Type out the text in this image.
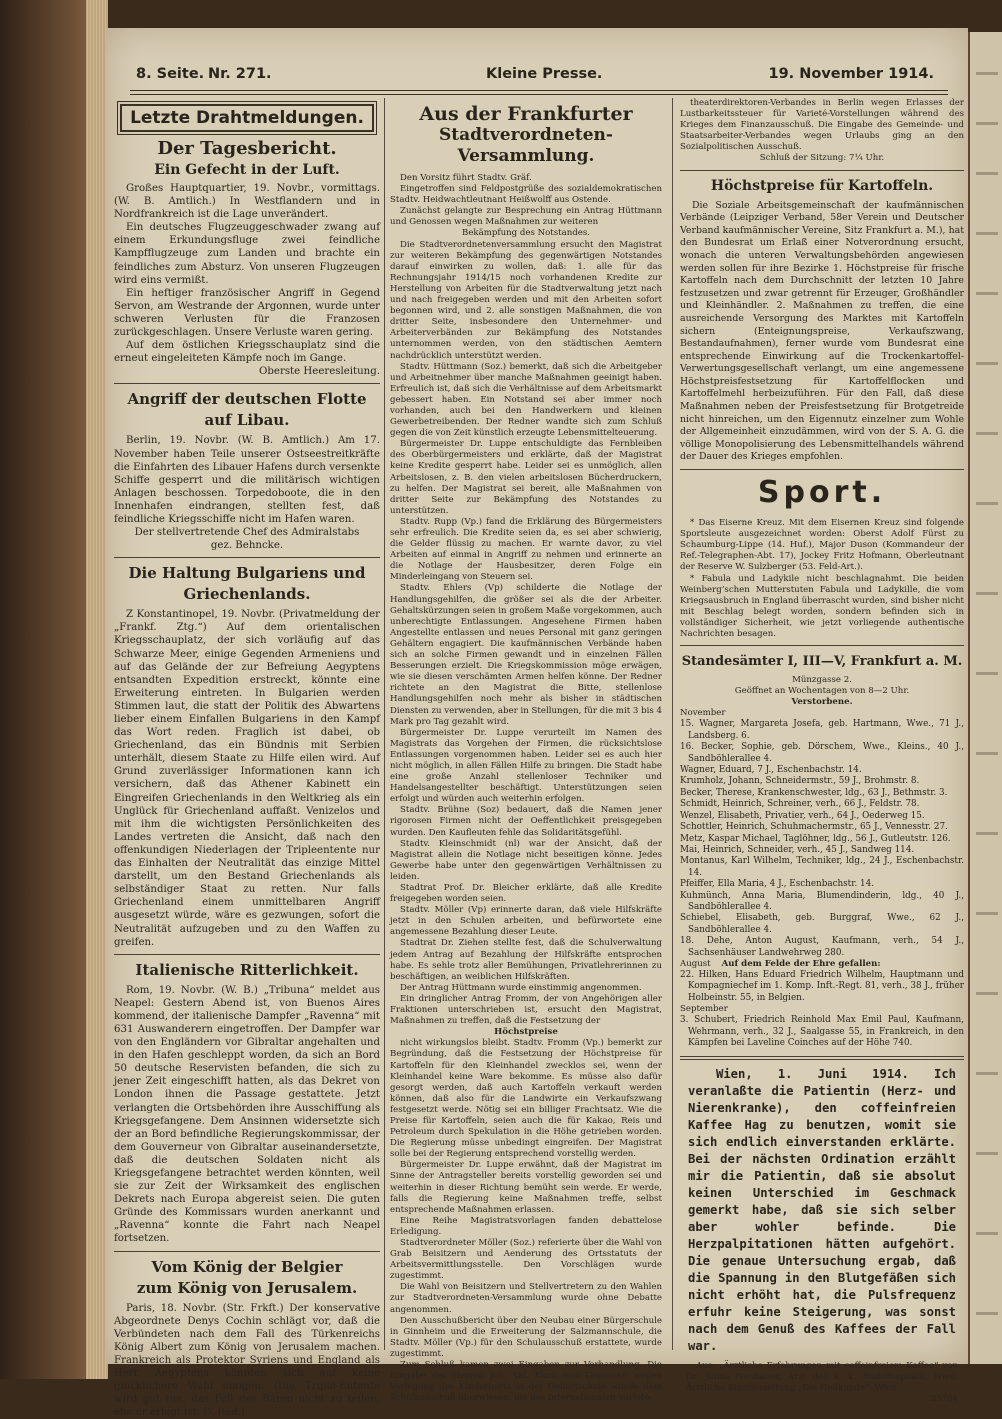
8. Seite. Nr. 271.	Kleine Presse.	19. November 1914.
Letzte Drahtmeldungen.
Der Tagesbericht.
Ein Gefecht in der Luft.

Großes Hauptquartier, 19. Novbr., vormittags. (W. B. Amtlich.) In Westflandern und in Nordfrankreich ist die Lage unverändert.

Ein deutsches Flugzeuggeschwader zwang auf einem Erkundungsfluge zwei feindliche Kampfflugzeuge zum Landen und brachte ein feindliches zum Absturz. Von unseren Flugzeugen wird eins vermißt.

Ein heftiger französischer Angriff in Gegend Servon, am Westrande der Argonnen, wurde unter schweren Verlusten für die Franzosen zurückgeschlagen. Unsere Verluste waren gering.

Auf dem östlichen Kriegsschauplatz sind die erneut eingeleiteten Kämpfe noch im Gange.

Oberste Heeresleitung.

Angriff der deutschen Flotte auf Libau.

Berlin, 19. Novbr. (W. B. Amtlich.) Am 17. November haben Teile unserer Ostseestreitkräfte die Einfahrten des Libauer Hafens durch versenkte Schiffe gesperrt und die militärisch wichtigen Anlagen beschossen. Torpedoboote, die in den Innenhafen eindrangen, stellten fest, daß feindliche Kriegsschiffe nicht im Hafen waren.

Der stellvertretende Chef des Admiralstabs

gez. Behncke.

Die Haltung Bulgariens und Griechenlands.

Z Konstantinopel, 19. Novbr. (Privatmeldung der „Frankf. Ztg.“) Auf dem orientalischen Kriegsschauplatz, der sich vorläufig auf das Schwarze Meer, einige Gegenden Armeniens und auf das Gelände der zur Befreiung Aegyptens entsandten Expedition erstreckt, könnte eine Erweiterung eintreten. In Bulgarien werden Stimmen laut, die statt der Politik des Abwartens lieber einem Einfallen Bulgariens in den Kampf das Wort reden. Fraglich ist dabei, ob Griechenland, das ein Bündnis mit Serbien unterhält, diesem Staate zu Hilfe eilen wird. Auf Grund zuverlässiger Informationen kann ich versichern, daß das Athener Kabinett ein Eingreifen Griechenlands in den Weltkrieg als ein Unglück für Griechenland auffaßt. Venizelos und mit ihm die wichtigsten Persönlichkeiten des Landes vertreten die Ansicht, daß nach den offenkundigen Niederlagen der Tripleentente nur das Einhalten der Neutralität das einzige Mittel darstellt, um den Bestand Griechenlands als selbständiger Staat zu retten. Nur falls Griechenland einem unmittelbaren Angriff ausgesetzt würde, wäre es gezwungen, sofort die Neutralität aufzugeben und zu den Waffen zu greifen.

Italienische Ritterlichkeit.

Rom, 19. Novbr. (W. B.) „Tribuna“ meldet aus Neapel: Gestern Abend ist, von Buenos Aires kommend, der italienische Dampfer „Ravenna“ mit 631 Auswanderern eingetroffen. Der Dampfer war von den Engländern vor Gibraltar angehalten und in den Hafen geschleppt worden, da sich an Bord 50 deutsche Reservisten befanden, die sich zu jener Zeit eingeschifft hatten, als das Dekret von London ihnen die Passage gestattete. Jetzt verlangten die Ortsbehörden ihre Ausschiffung als Kriegsgefangene. Dem Ansinnen widersetzte sich der an Bord befindliche Regierungskommissar, der dem Gouverneur von Gibraltar auseinandersetzte, daß die deutschen Soldaten nicht als Kriegsgefangene betrachtet werden könnten, weil sie zur Zeit der Wirksamkeit des englischen Dekrets nach Europa abgereist seien. Die guten Gründe des Kommissars wurden anerkannt und „Ravenna“ konnte die Fahrt nach Neapel fortsetzen.

Vom König der Belgier
zum König von Jerusalem.

Paris, 18. Novbr. (Str. Frkft.) Der konservative Abgeordnete Denys Cochin schlägt vor, daß die Verbündeten nach dem Fall des Türkenreichs König Albert zum König von Jerusalem machen. Frankreich als Protektor Syriens und England als Herr Aegyptens könnten sich auf keine glücklichere Wahl einigen. (Die Triple-Entente wird gut tun, das Fell des Bären nicht zu teilen, ehe er erlegt ist. D. Red.)

Aus der Frankfurter
Stadtverordneten-Versammlung.

Den Vorsitz führt Stadtv. Gräf.

Eingetroffen sind Feldpostgrüße des sozialdemokratischen Stadtv. Heidwachtleutnant Heißwolff aus Ostende.

Zunächst gelangte zur Besprechung ein Antrag Hüttmann und Genossen wegen Maßnahmen zur weiteren

Bekämpfung des Notstandes.

Die Stadtverordnetenversammlung ersucht den Magistrat zur weiteren Bekämpfung des gegenwärtigen Notstandes darauf einwirken zu wollen, daß: 1. alle für das Rechnungsjahr 1914/15 noch vorhandenen Kredite zur Herstellung von Arbeiten für die Stadtverwaltung jetzt nach und nach freigegeben werden und mit den Arbeiten sofort begonnen wird, und 2. alle sonstigen Maßnahmen, die von dritter Seite, insbesondere den Unternehmer- und Arbeiterverbänden zur Bekämpfung des Notstandes unternommen werden, von den städtischen Aemtern nachdrücklich unterstützt werden.

Stadtv. Hüttmann (Soz.) bemerkt, daß sich die Arbeitgeber und Arbeitnehmer über manche Maßnahmen geeinigt haben. Erfreulich ist, daß sich die Verhältnisse auf dem Arbeitsmarkt gebessert haben. Ein Notstand sei aber immer noch vorhanden, auch bei den Handwerkern und kleinen Gewerbetreibenden. Der Redner wandte sich zum Schluß gegen die von Zeit künstlich erzeugte Lebensmittelteuerung.

Bürgermeister Dr. Luppe entschuldigte das Fernbleiben des Oberbürgermeisters und erklärte, daß der Magistrat keine Kredite gesperrt habe. Leider sei es unmöglich, allen Arbeitslosen, z. B. den vielen arbeitslosen Bücherdruckern, zu helfen. Der Magistrat sei bereit, alle Maßnahmen von dritter Seite zur Bekämpfung des Notstandes zu unterstützen.

Stadtv. Rupp (Vp.) fand die Erklärung des Bürgermeisters sehr erfreulich. Die Kredite seien da, es sei aber schwierig, die Gelder flüssig zu machen. Er warnte davor, zu viel Arbeiten auf einmal in Angriff zu nehmen und erinnerte an die Notlage der Hausbesitzer, deren Folge ein Minderleingang von Steuern sei.

Stadtv. Ehlers (Vp) schilderte die Notlage der Handlungsgehilfen, die größer sei als die der Arbeiter. Gehaltskürzungen seien in großem Maße vorgekommen, auch unberechtigte Entlassungen. Angesehene Firmen haben Angestellte entlassen und neues Personal mit ganz geringen Gehältern engagiert. Die kaufmännischen Verbände haben sich an solche Firmen gewandt und in einzelnen Fällen Besserungen erzielt. Die Kriegskommission möge erwägen, wie sie diesen verschämten Armen helfen könne. Der Redner richtete an den Magistrat die Bitte, stellenlose Handlungsgehilfen noch mehr als bisher in städtischen Diensten zu verwenden, aber in Stellungen, für die mit 3 bis 4 Mark pro Tag gezahlt wird.

Bürgermeister Dr. Luppe verurteilt im Namen des Magistrats das Vorgehen der Firmen, die rücksichtslose Entlassungen vorgenommen haben. Leider sei es auch hier nicht möglich, in allen Fällen Hilfe zu bringen. Die Stadt habe eine große Anzahl stellenloser Techniker und Handelsangestellter beschäftigt. Unterstützungen seien erfolgt und würden auch weiterhin erfolgen.

Stadtv. Brühne (Soz) bedauert, daß die Namen jener rigorosen Firmen nicht der Oeffentlichkeit preisgegeben wurden. Den Kaufleuten fehle das Solidaritätsgefühl.

Stadtv. Kleinschmidt (nl) war der Ansicht, daß der Magistrat allein die Notlage nicht beseitigen könne. Jedes Gewerbe habe unter den gegenwärtigen Verhältnissen zu leiden.

Stadtrat Prof. Dr. Bleicher erklärte, daß alle Kredite freigegeben worden seien.

Stadtv. Möller (Vp) erinnerte daran, daß viele Hilfskräfte jetzt in den Schulen arbeiten, und befürwortete eine angemessene Bezahlung dieser Leute.

Stadtrat Dr. Ziehen stellte fest, daß die Schulverwaltung jedem Antrag auf Bezahlung der Hilfskräfte entsprochen habe. Es sehle trotz aller Bemühungen, Privatlehrerinnen zu beschäftigen, an weiblichen Hilfskräften.

Der Antrag Hüttmann wurde einstimmig angenommen.

Ein dringlicher Antrag Fromm, der von Angehörigen aller Fraktionen unterschrieben ist, ersucht den Magistrat, Maßnahmen zu treffen, daß die Festsetzung der

Höchstpreise

nicht wirkungslos bleibt. Stadtv. Fromm (Vp.) bemerkt zur Begründung, daß die Festsetzung der Höchstpreise für Kartoffeln für den Kleinhandel zwecklos sei, wenn der Kleinhandel keine Ware bekomme. Es müsse also dafür gesorgt werden, daß auch Kartoffeln verkauft werden können, daß also für die Landwirte ein Verkaufszwang festgesetzt werde. Nötig sei ein billiger Frachtsatz. Wie die Preise für Kartoffeln, seien auch die für Kakao, Reis und Petroleum durch Spekulation in die Höhe getrieben worden. Die Regierung müsse unbedingt eingreifen. Der Magistrat solle bei der Regierung entsprechend vorstellig werden.

Bürgermeister Dr. Luppe erwähnt, daß der Magistrat im Sinne der Antragsteller bereits vorstellig geworden sei und weiterhin in dieser Richtung bemüht sein werde. Er werde, falls die Regierung keine Maßnahmen treffe, selbst entsprechende Maßnahmen erlassen.

Eine Reihe Magistratsvorlagen fanden debattelose Erledigung.

Stadtverordneter Möller (Soz.) referierte über die Wahl von Grab Beisitzern und Aenderung des Ortsstatuts der Arbeitsvermittlungsstelle. Den Vorschlägen wurde zugestimmt.

Die Wahl von Beisitzern und Stellvertretern zu den Wahlen zur Stadtverordneten-Versammlung wurde ohne Debatte angenommen.

Den Ausschußbericht über den Neubau einer Bürgerschule in Ginnheim und die Erweiterung der Salzmannschule, die Stadtv. Möller (Vp.) für den Schulausschuß erstattete, wurde zugestimmt.

Zum Schluß kamen zwei Eingaben zur Verhandlung. Die Eingabe der Herren Joh. Val. Kunz und Genossen wegen Verlegung des Kinderhorts in der Gellertschule wurde dem Schulausschuß überwiesen, die des Internationalen Varieté-

theaterdirektoren-Verbandes in Berlin wegen Erlasses der Lustbarkeitssteuer für Varieté-Vorstellungen während des Krieges dem Finanzausschuß. Die Eingabe des Gemeinde- und Staatsarbeiter-Verbandes wegen Urlaubs ging an den Sozialpolitischen Ausschuß.

Schluß der Sitzung: 7¼ Uhr.

Höchstpreise für Kartoffeln.

Die Soziale Arbeitsgemeinschaft der kaufmännischen Verbände (Leipziger Verband, 58er Verein und Deutscher Verband kaufmännischer Vereine, Sitz Frankfurt a. M.), hat den Bundesrat um Erlaß einer Notverordnung ersucht, wonach die unteren Verwaltungsbehörden angewiesen werden sollen für ihre Bezirke 1. Höchstpreise für frische Kartoffeln nach dem Durchschnitt der letzten 10 Jahre festzusetzen und zwar getrennt für Erzeuger, Großhändler und Kleinhändler. 2. Maßnahmen zu treffen, die eine ausreichende Versorgung des Marktes mit Kartoffeln sichern (Enteignungspreise, Verkaufszwang, Bestandaufnahmen), ferner wurde vom Bundesrat eine entsprechende Einwirkung auf die Trockenkartoffel-Verwertungsgesellschaft verlangt, um eine angemessene Höchstpreisfestsetzung für Kartoffelflocken und Kartoffelmehl herbeizuführen. Für den Fall, daß diese Maßnahmen neben der Preisfestsetzung für Brotgetreide nicht hinreichen, um den Eigennutz einzelner zum Wohle der Allgemeinheit einzudämmen, wird von der S. A. G. die völlige Monopolisierung des Lebensmittelhandels während der Dauer des Krieges empfohlen.

Sport.

* Das Eiserne Kreuz. Mit dem Eisernen Kreuz sind folgende Sportsleute ausgezeichnet worden: Oberst Adolf Fürst zu Schaumburg-Lippe (14. Huf.), Major Duson (Kommandeur der Ref.-Telegraphen-Abt. 17), Jockey Fritz Hofmann, Oberleutnant der Reserve W. Sulzberger (53. Feld-Art.).

* Fabula und Ladykile nicht beschlagnahmt. Die beiden Weinberg’schen Mutterstuten Fabula und Ladykille, die vom Kriegsausbruch in England überrascht wurden, sind bisher nicht mit Beschlag belegt worden, sondern befinden sich in vollständiger Sicherheit, wie jetzt vorliegende authentische Nachrichten besagen.

Standesämter I, III—V, Frankfurt a. M.

Münzgasse 2.

Geöffnet an Wochentagen von 8—2 Uhr.

Verstorbene.

November

15. Wagner, Margareta Josefa, geb. Hartmann, Wwe., 71 J., Landsberg. 6.

16. Becker, Sophie, geb. Dörschem, Wwe., Kleins., 40 J., Sandböhlerallee 4.

Wagner, Eduard, 7 J., Eschenbachstr. 14.

Krumholz, Johann, Schneidermstr., 59 J., Brohmstr. 8.

Becker, Therese, Krankenschwester, ldg., 63 J., Bethmstr. 3.

Schmidt, Heinrich, Schreiner, verh., 66 J., Feldstr. 78.

Wenzel, Elisabeth, Privatier, verh., 64 J., Oederweg 15.

Schottler, Heinrich, Schuhmachermstr., 65 J., Vennesstr. 27.

Metz, Kaspar Michael, Taglöhner, ldg., 56 J., Gutleutstr. 126.

Mai, Heinrich, Schneider, verh., 45 J., Sandweg 114.

Montanus, Karl Wilhelm, Techniker, ldg., 24 J., Eschenbachstr. 14.

Pfeiffer, Ella Maria, 4 J., Eschenbachstr. 14.

Kuhmünch, Anna Maria, Blumendinderin, ldg., 40 J., Sandböhlerallee 4.

Schiebel, Elisabeth, geb. Burggraf, Wwe., 62 J., Sandböhlerallee 4.

18. Dehe, Anton August, Kaufmann, verh., 54 J., Sachsenhäuser Landwehrweg 280.

August Auf dem Felde der Ehre gefallen:

22. Hilken, Hans Eduard Friedrich Wilhelm, Hauptmann und Kompagniechef im 1. Komp. Inft.-Regt. 81, verh., 38 J., früher Holbeinstr. 55, in Belgien.

September

3. Schubert, Friedrich Reinhold Max Emil Paul, Kaufmann, Wehrmann, verh., 32 J., Saalgasse 55, in Frankreich, in den Kämpfen bei Laveline Coinches auf der Höhe 740.

Wien, 1. Juni 1914. Ich veranlaßte die Patientin (Herz- und Nierenkranke), den coffeinfreien Kaffee Hag zu benutzen, womit sie sich endlich einverstanden erklärte. Bei der nächsten Ordination erzählt mir die Patientin, daß sie absolut keinen Unterschied im Geschmack gemerkt habe, daß sie sich selber aber wohler befinde. Die Herzpalpitationen hätten aufgehört. Die genaue Untersuchung ergab, daß die Spannung in den Blutgefäßen sich nicht erhöht hat, die Pulsfrequenz erfuhr keine Steigerung, was sonst nach dem Genuß des Kaffees der Fall war.

Aus: „Ärztliche Erfahrungen mit coffeinfreiem Kaffee“ von Dr. Julius Neubauer, Arzt des k. k. Rudolfsspitals, Wien. Ärztliche Standeszeitung „Die Heilkunde“, Wien.

25764
